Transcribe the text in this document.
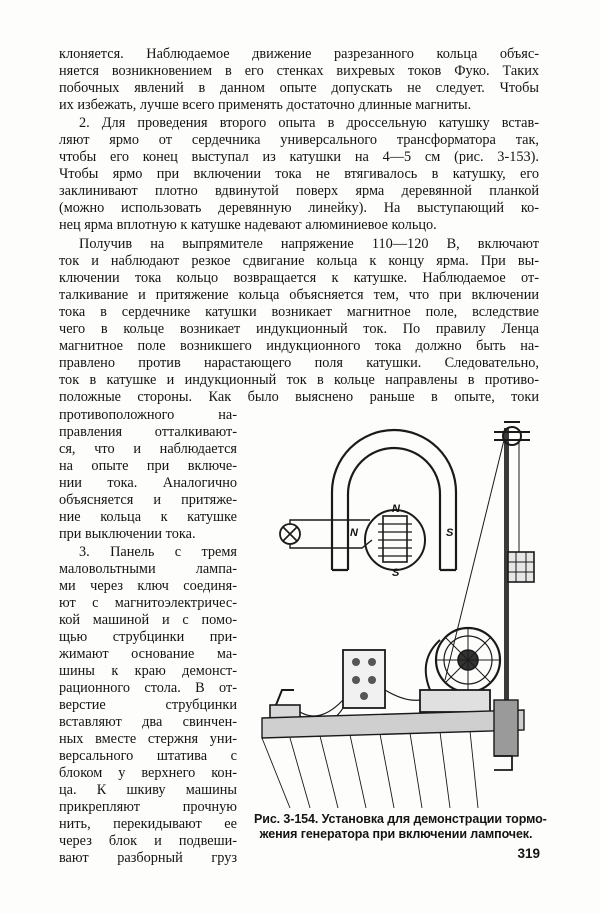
клоняется. Наблюдаемое движение разрезанного кольца объяс-
няется возникновением в его стенках вихревых токов Фуко. Таких
побочных явлений в данном опыте допускать не следует. Чтобы
их избежать, лучше всего применять достаточно длинные магниты.
2. Для проведения второго опыта в дроссельную катушку встав-
ляют ярмо от сердечника универсального трансформатора так,
чтобы его конец выступал из катушки на 4—5 см (рис. 3-153).
Чтобы ярмо при включении тока не втягивалось в катушку, его
заклинивают плотно вдвинутой поверх ярма деревянной планкой
(можно использовать деревянную линейку). На выступающий ко-
нец ярма вплотную к катушке надевают алюминиевое кольцо.
Получив на выпрямителе напряжение 110—120 В, включают
ток и наблюдают резкое сдвигание кольца к концу ярма. При вы-
ключении тока кольцо возвращается к катушке. Наблюдаемое от-
талкивание и притяжение кольца объясняется тем, что при включении
тока в сердечнике катушки возникает магнитное поле, вследствие
чего в кольце возникает индукционный ток. По правилу Ленца
магнитное поле возникшего индукционного тока должно быть на-
правлено против нарастающего поля катушки. Следовательно,
ток в катушке и индукционный ток в кольце направлены в противо-
положные стороны. Как было выяснено раньше в опыте, токи
противоположного на-
правления отталкивают-
ся, что и наблюдается
на опыте при включе-
нии тока. Аналогично
объясняется и притяже-
ние кольца к катушке
при выключении тока.
3. Панель с тремя
маловольтными лампа-
ми через ключ соединя-
ют с магнитоэлектричес-
кой машиной и с помо-
щью струбцинки при-
жимают основание ма-
шины к краю демонст-
рационного стола. В от-
верстие струбцинки
вставляют два свинчен-
ных вместе стержня уни-
версального штатива с
блоком у верхнего кон-
ца. К шкиву машины
прикрепляют прочную
нить, перекидывают ее
через блок и подвеши-
вают разборный груз
N
N
S
S
Рис. 3-154. Установка для демонстрации тормо-
жения генератора при включении лампочек.
319
